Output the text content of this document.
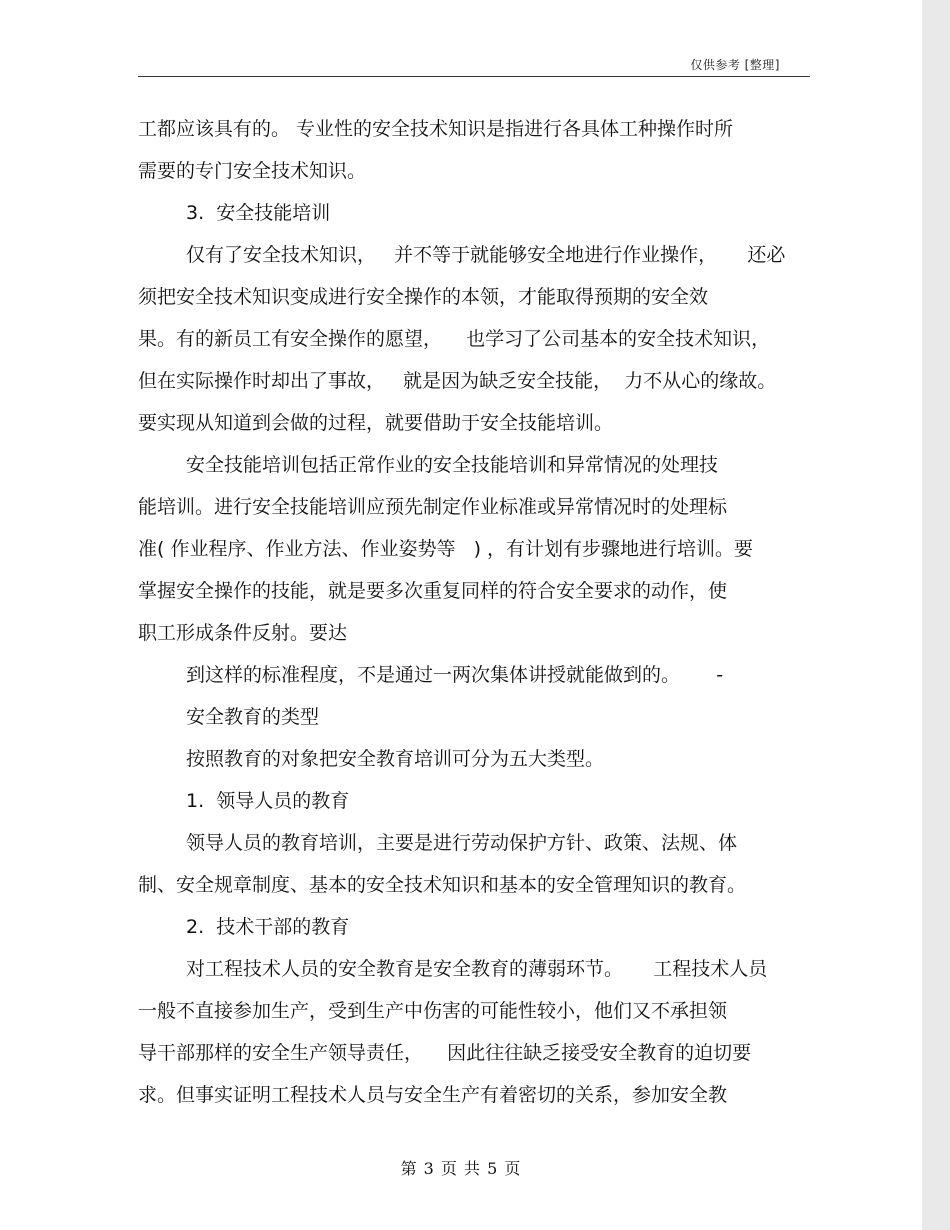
仅供参考 [整理]
工都应该具有的。 专业性的安全技术知识是指进行各具体工种操作时所
需要的专门安全技术知识。
3.  安全技能培训
仅有了安全技术知识，   并不等于就能够安全地进行作业操作，     还必
须把安全技术知识变成进行安全操作的本领，才能取得预期的安全效
果。有的新员工有安全操作的愿望，    也学习了公司基本的安全技术知识，
但在实际操作时却出了事故，   就是因为缺乏安全技能，  力不从心的缘故。
要实现从知道到会做的过程，就要借助于安全技能培训。
安全技能培训包括正常作业的安全技能培训和异常情况的处理技
能培训。进行安全技能培训应预先制定作业标准或异常情况时的处理标
准( 作业程序、作业方法、作业姿势等   ) ，有计划有步骤地进行培训。要
掌握安全操作的技能，就是要多次重复同样的符合安全要求的动作，使
职工形成条件反射。要达
到这样的标准程度，不是通过一两次集体讲授就能做到的。      -
安全教育的类型
按照教育的对象把安全教育培训可分为五大类型。
1.  领导人员的教育
领导人员的教育培训，主要是进行劳动保护方针、政策、法规、体
制、安全规章制度、基本的安全技术知识和基本的安全管理知识的教育。
2.  技术干部的教育
对工程技术人员的安全教育是安全教育的薄弱环节。     工程技术人员
一般不直接参加生产，受到生产中伤害的可能性较小，他们又不承担领
导干部那样的安全生产领导责任，    因此往往缺乏接受安全教育的迫切要
求。但事实证明工程技术人员与安全生产有着密切的关系，参加安全教
第 3 页 共 5 页
